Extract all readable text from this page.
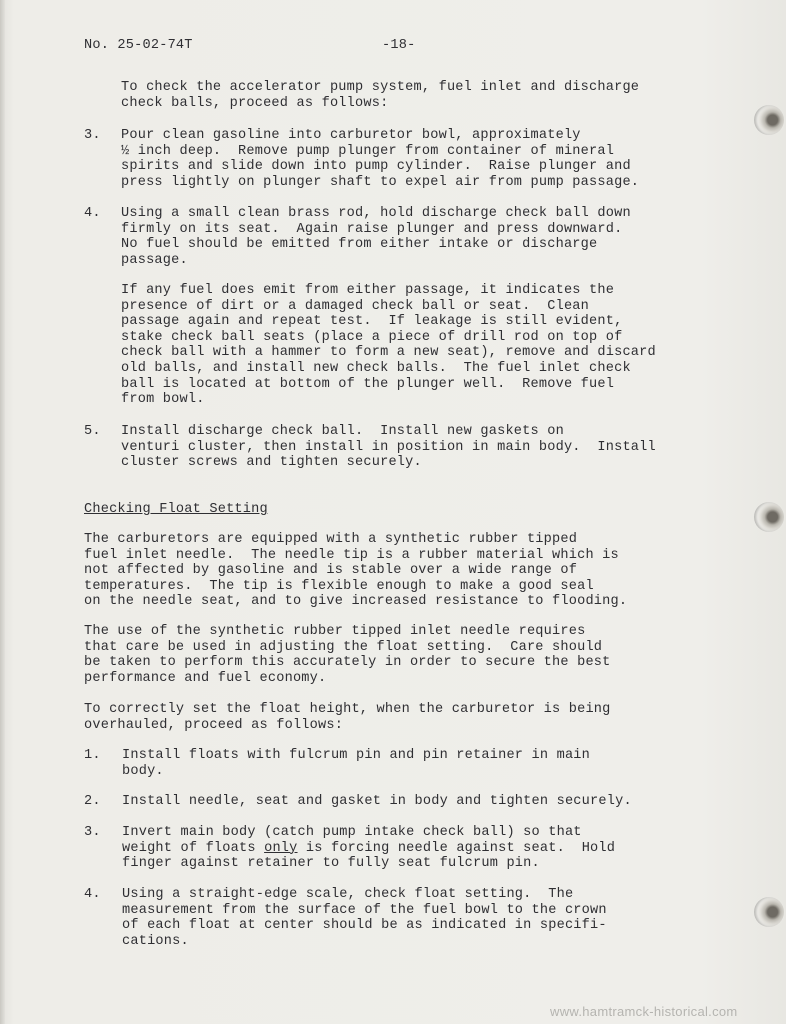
No. 25-02-74T	-18-
To check the accelerator pump system, fuel inlet and discharge
check balls, proceed as follows:
3. Pour clean gasoline into carburetor bowl, approximately
½ inch deep.  Remove pump plunger from container of mineral
spirits and slide down into pump cylinder.  Raise plunger and
press lightly on plunger shaft to expel air from pump passage.
4. Using a small clean brass rod, hold discharge check ball down
firmly on its seat.  Again raise plunger and press downward.
No fuel should be emitted from either intake or discharge
passage.
If any fuel does emit from either passage, it indicates the
presence of dirt or a damaged check ball or seat.  Clean
passage again and repeat test.  If leakage is still evident,
stake check ball seats (place a piece of drill rod on top of
check ball with a hammer to form a new seat), remove and discard
old balls, and install new check balls.  The fuel inlet check
ball is located at bottom of the plunger well.  Remove fuel
from bowl.
5. Install discharge check ball.  Install new gaskets on
venturi cluster, then install in position in main body.  Install
cluster screws and tighten securely.
Checking Float Setting
The carburetors are equipped with a synthetic rubber tipped
fuel inlet needle.  The needle tip is a rubber material which is
not affected by gasoline and is stable over a wide range of
temperatures.  The tip is flexible enough to make a good seal
on the needle seat, and to give increased resistance to flooding.
The use of the synthetic rubber tipped inlet needle requires
that care be used in adjusting the float setting.  Care should
be taken to perform this accurately in order to secure the best
performance and fuel economy.
To correctly set the float height, when the carburetor is being
overhauled, proceed as follows:
1. Install floats with fulcrum pin and pin retainer in main
body.
2. Install needle, seat and gasket in body and tighten securely.
3. Invert main body (catch pump intake check ball) so that
weight of floats only is forcing needle against seat.  Hold
finger against retainer to fully seat fulcrum pin.
4. Using a straight-edge scale, check float setting.  The
measurement from the surface of the fuel bowl to the crown
of each float at center should be as indicated in specifi-
cations.
www.hamtramck-historical.com
